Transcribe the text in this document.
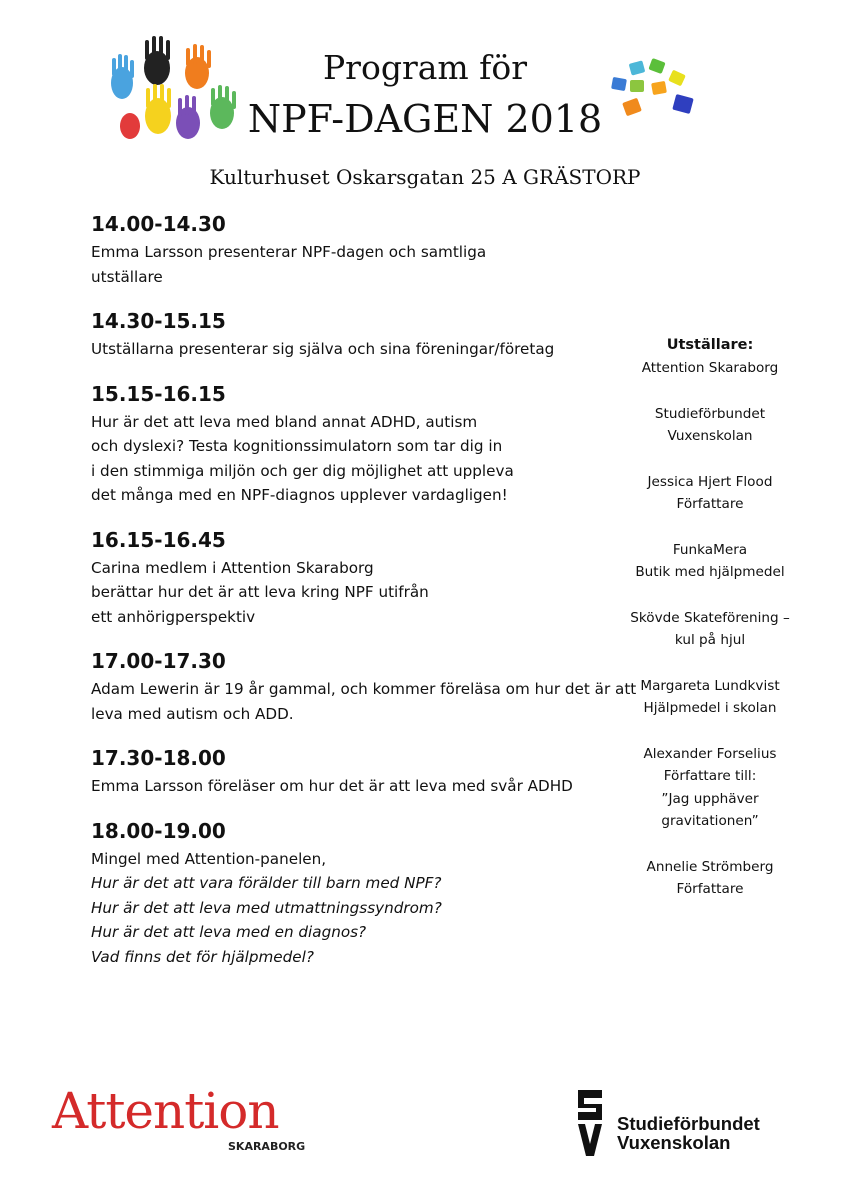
Program för
NPF-DAGEN 2018
Kulturhuset Oskarsgatan 25 A GRÄSTORP
14.00-14.30
Emma Larsson presenterar NPF-dagen och samtliga
utställare
14.30-15.15
Utställarna presenterar sig själva och sina föreningar/företag
15.15-16.15
Hur är det att leva med bland annat ADHD, autism
och dyslexi? Testa kognitionssimulatorn som tar dig in
i den stimmiga miljön och ger dig möjlighet att uppleva
det många med en NPF-diagnos upplever vardagligen!
16.15-16.45
Carina medlem i Attention Skaraborg
berättar hur det är att leva kring NPF utifrån
ett anhörigperspektiv
17.00-17.30
Adam Lewerin är 19 år gammal, och kommer föreläsa om hur det är att
leva med autism och ADD.
17.30-18.00
Emma Larsson föreläser om hur det är att leva med svår ADHD
18.00-19.00
Mingel med Attention-panelen,
Hur är det att vara förälder till barn med NPF?
Hur är det att leva med utmattningssyndrom?
Hur är det att leva med en diagnos?
Vad finns det för hjälpmedel?
Utställare:
Attention Skaraborg
Studieförbundet
Vuxenskolan
Jessica Hjert Flood
Författare
FunkaMera
Butik med hjälpmedel
Skövde Skateförening –
kul på hjul
Margareta Lundkvist
Hjälpmedel i skolan
Alexander Forselius
Författare till:
”Jag upphäver
gravitationen”
Annelie Strömberg
Författare
Attention
SKARABORG
Studieförbundet
Vuxenskolan
